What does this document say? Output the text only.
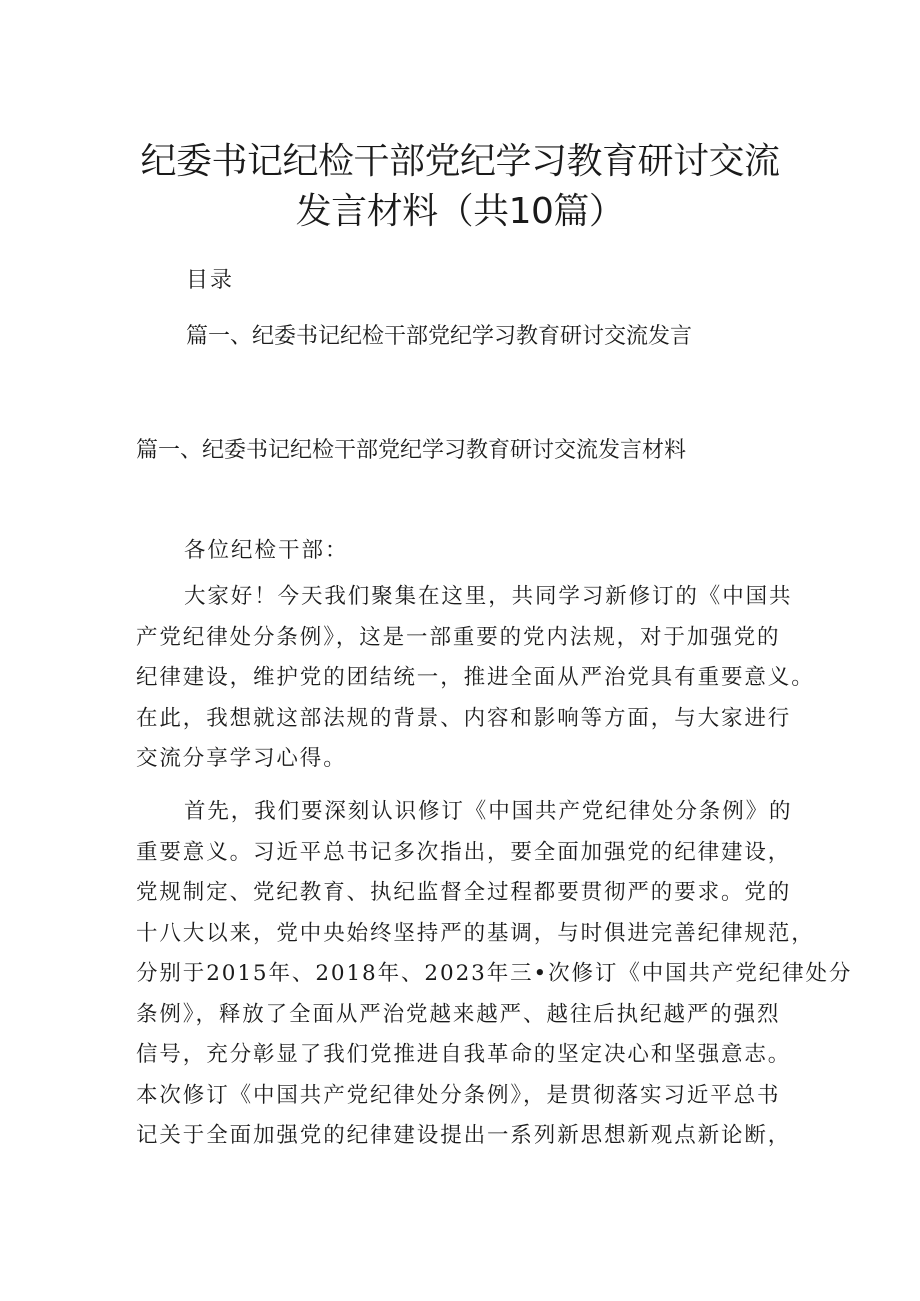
纪委书记纪检干部党纪学习教育研讨交流
发言材料（共10篇）
目录
篇一、纪委书记纪检干部党纪学习教育研讨交流发言
篇一、纪委书记纪检干部党纪学习教育研讨交流发言材料
各位纪检干部：
大家好！今天我们聚集在这里，共同学习新修订的《中国共
产党纪律处分条例》，这是一部重要的党内法规，对于加强党的
纪律建设，维护党的团结统一，推进全面从严治党具有重要意义。
在此，我想就这部法规的背景、内容和影响等方面，与大家进行
交流分享学习心得。
首先，我们要深刻认识修订《中国共产党纪律处分条例》的
重要意义。习近平总书记多次指出，要全面加强党的纪律建设，
党规制定、党纪教育、执纪监督全过程都要贯彻严的要求。党的
十八大以来，党中央始终坚持严的基调，与时俱进完善纪律规范，
分别于2015年、2018年、2023年三•次修订《中国共产党纪律处分
条例》，释放了全面从严治党越来越严、越往后执纪越严的强烈
信号，充分彰显了我们党推进自我革命的坚定决心和坚强意志。
本次修订《中国共产党纪律处分条例》，是贯彻落实习近平总书
记关于全面加强党的纪律建设提出一系列新思想新观点新论断，
